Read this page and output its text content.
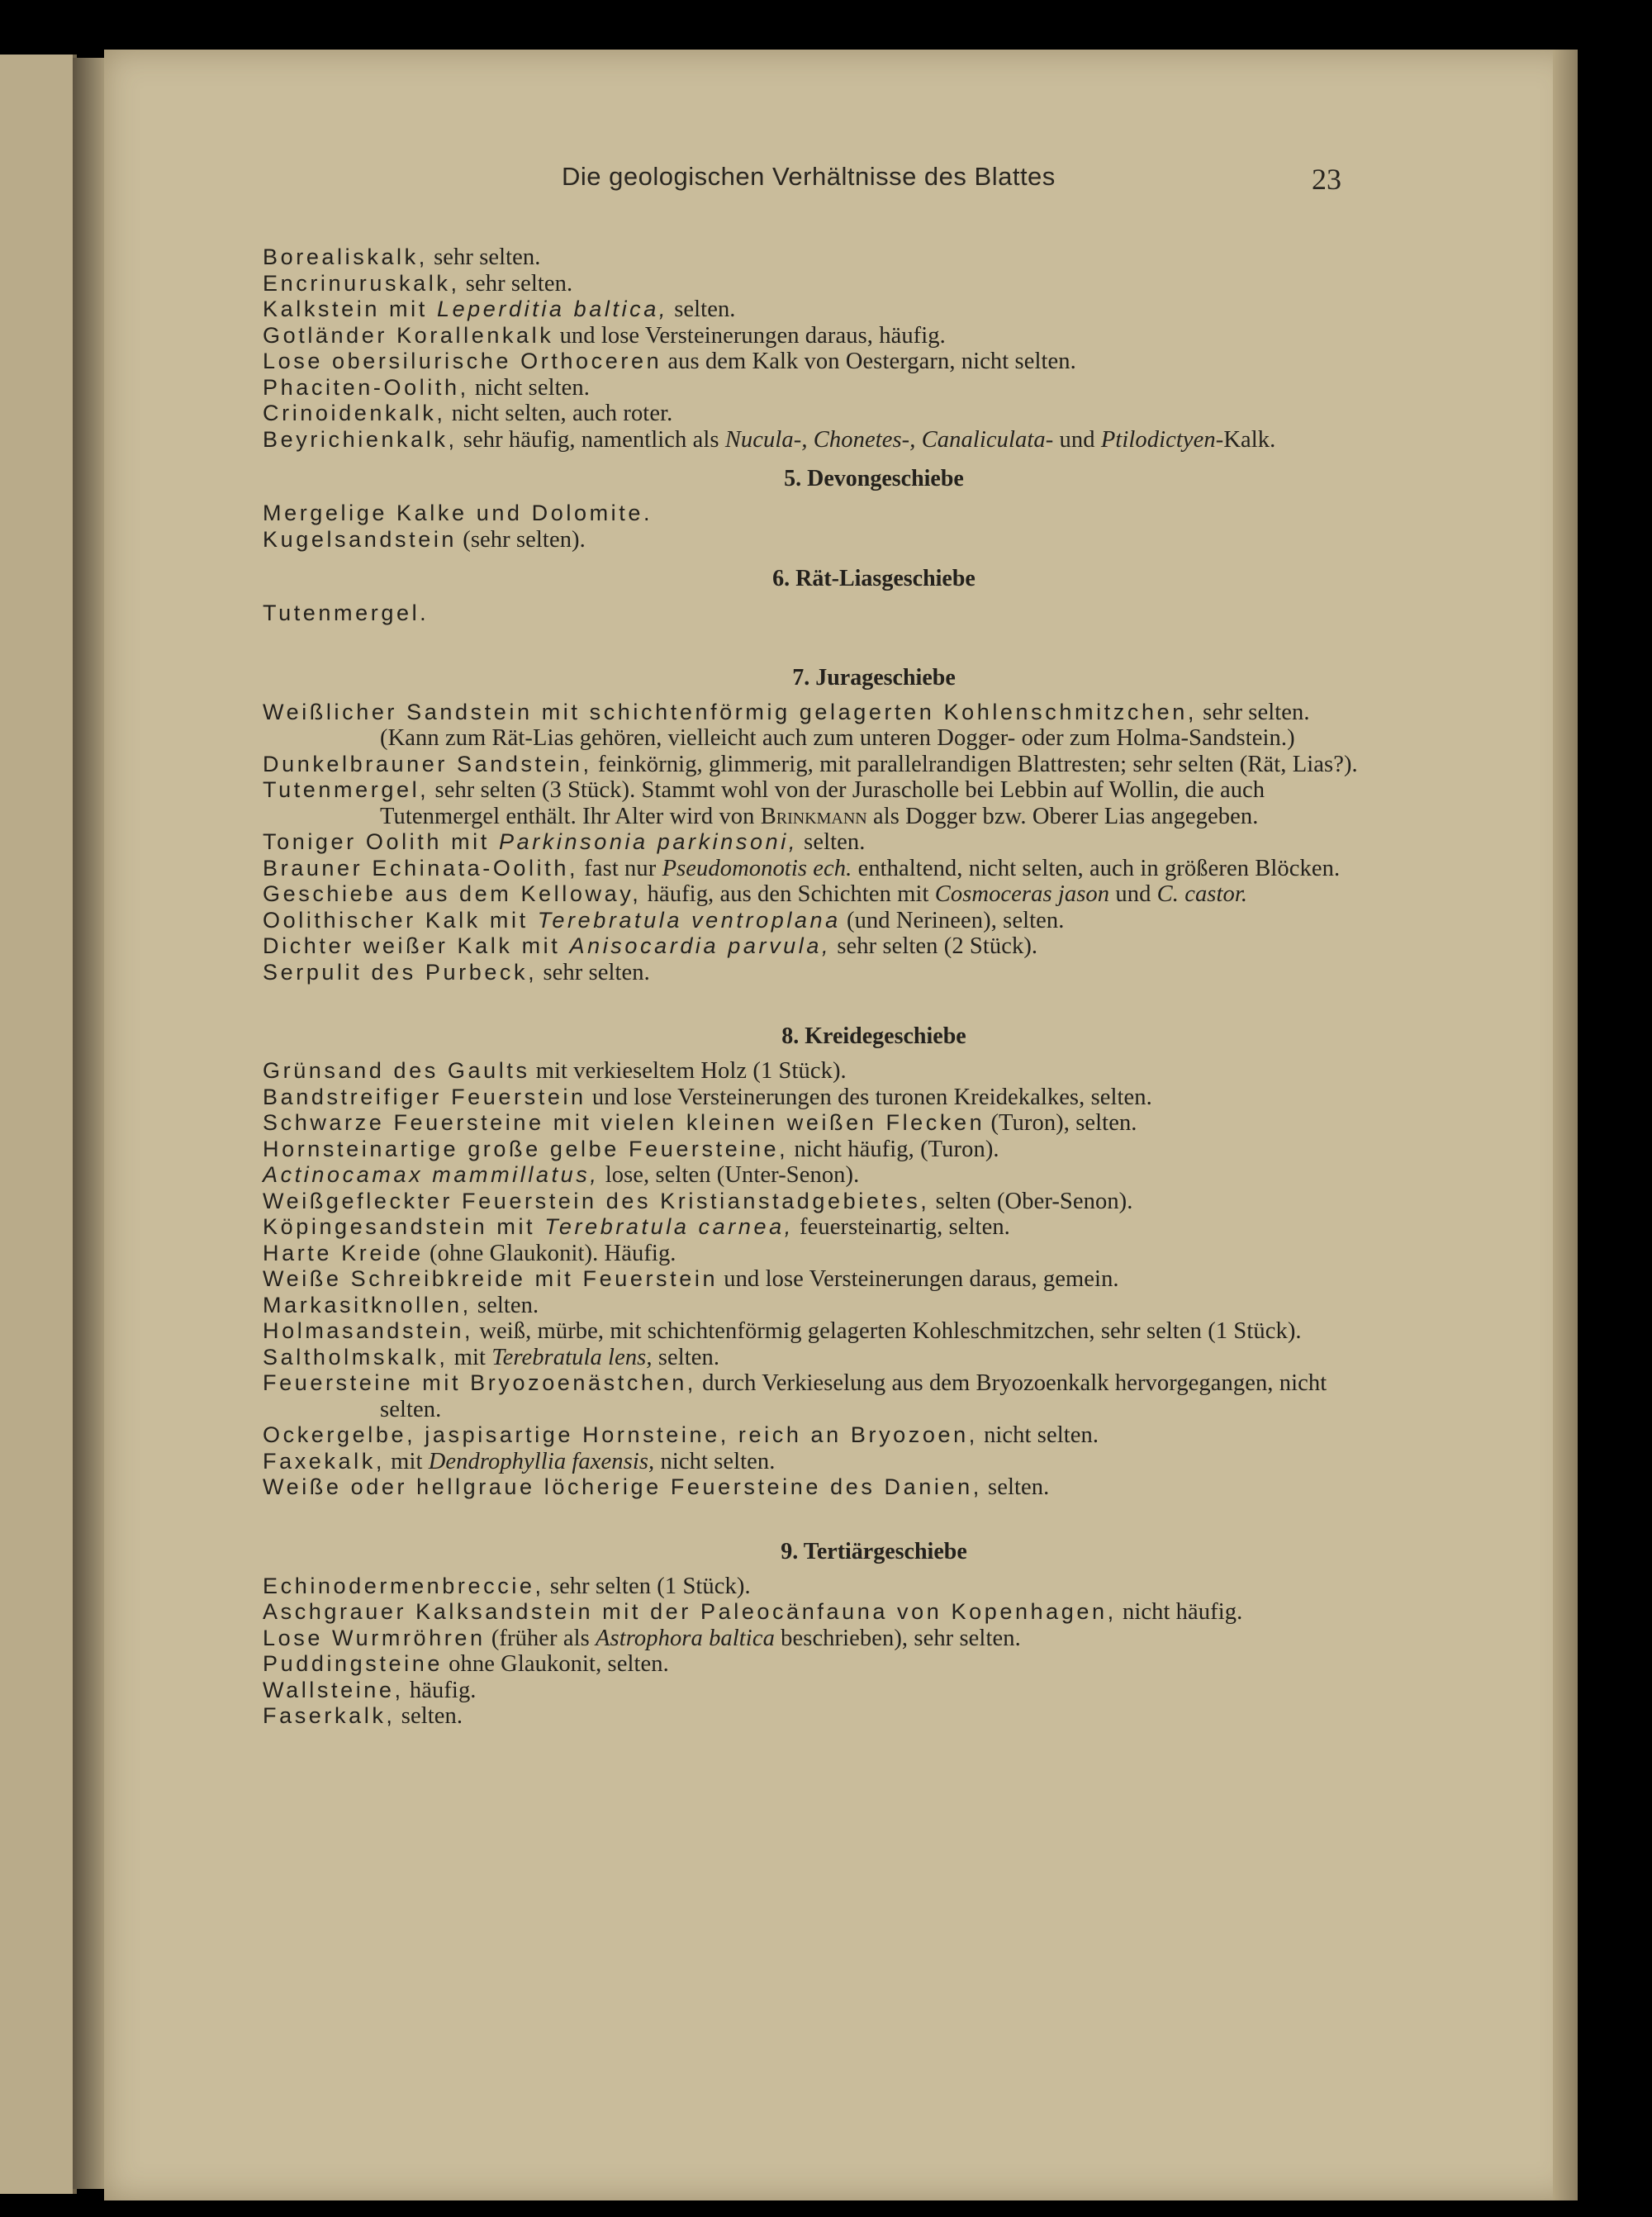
Die geologischen Verhältnisse des Blattes	23
Borealiskalk, sehr selten.
Encrinuruskalk, sehr selten.
Kalkstein mit Leperditia baltica, selten.
Gotländer Korallenkalk und lose Versteinerungen daraus, häufig.
Lose obersilurische Orthoceren aus dem Kalk von Oestergarn, nicht selten.
Phaciten-Oolith, nicht selten.
Crinoidenkalk, nicht selten, auch roter.
Beyrichienkalk, sehr häufig, namentlich als Nucula-, Chonetes-, Canaliculata- und Ptilodictyen-Kalk.
5. Devongeschiebe
Mergelige Kalke und Dolomite.
Kugelsandstein (sehr selten).
6. Rät-Liasgeschiebe
Tutenmergel.
7. Jurageschiebe
Weißlicher Sandstein mit schichtenförmig gelagerten Kohlenschmitzchen, sehr selten. (Kann zum Rät-Lias gehören, vielleicht auch zum unteren Dogger- oder zum Holma-Sandstein.)
Dunkelbrauner Sandstein, feinkörnig, glimmerig, mit parallelrandigen Blattresten; sehr selten (Rät, Lias?).
Tutenmergel, sehr selten (3 Stück). Stammt wohl von der Jurascholle bei Lebbin auf Wollin, die auch Tutenmergel enthält. Ihr Alter wird von Brinkmann als Dogger bzw. Oberer Lias angegeben.
Toniger Oolith mit Parkinsonia parkinsoni, selten.
Brauner Echinata-Oolith, fast nur Pseudomonotis ech. enthaltend, nicht selten, auch in größeren Blöcken.
Geschiebe aus dem Kelloway, häufig, aus den Schichten mit Cosmoceras jason und C. castor.
Oolithischer Kalk mit Terebratula ventroplana (und Nerineen), selten.
Dichter weißer Kalk mit Anisocardia parvula, sehr selten (2 Stück).
Serpulit des Purbeck, sehr selten.
8. Kreidegeschiebe
Grünsand des Gaults mit verkieseltem Holz (1 Stück).
Bandstreifiger Feuerstein und lose Versteinerungen des turonen Kreidekalkes, selten.
Schwarze Feuersteine mit vielen kleinen weißen Flecken (Turon), selten.
Hornsteinartige große gelbe Feuersteine, nicht häufig, (Turon).
Actinocamax mammillatus, lose, selten (Unter-Senon).
Weißgefleckter Feuerstein des Kristianstadgebietes, selten (Ober-Senon).
Köpingesandstein mit Terebratula carnea, feuersteinartig, selten.
Harte Kreide (ohne Glaukonit). Häufig.
Weiße Schreibkreide mit Feuerstein und lose Versteinerungen daraus, gemein.
Markasitknollen, selten.
Holmasandstein, weiß, mürbe, mit schichtenförmig gelagerten Kohleschmitzchen, sehr selten (1 Stück).
Saltholmskalk, mit Terebratula lens, selten.
Feuersteine mit Bryozoenästchen, durch Verkieselung aus dem Bryozoenkalk hervorgegangen, nicht selten.
Ockergelbe, jaspisartige Hornsteine, reich an Bryozoen, nicht selten.
Faxekalk, mit Dendrophyllia faxensis, nicht selten.
Weiße oder hellgraue löcherige Feuersteine des Danien, selten.
9. Tertiärgeschiebe
Echinodermenbreccie, sehr selten (1 Stück).
Aschgrauer Kalksandstein mit der Paleocänfauna von Kopenhagen, nicht häufig.
Lose Wurmröhren (früher als Astrophora baltica beschrieben), sehr selten.
Puddingsteine ohne Glaukonit, selten.
Wallsteine, häufig.
Faserkalk, selten.
